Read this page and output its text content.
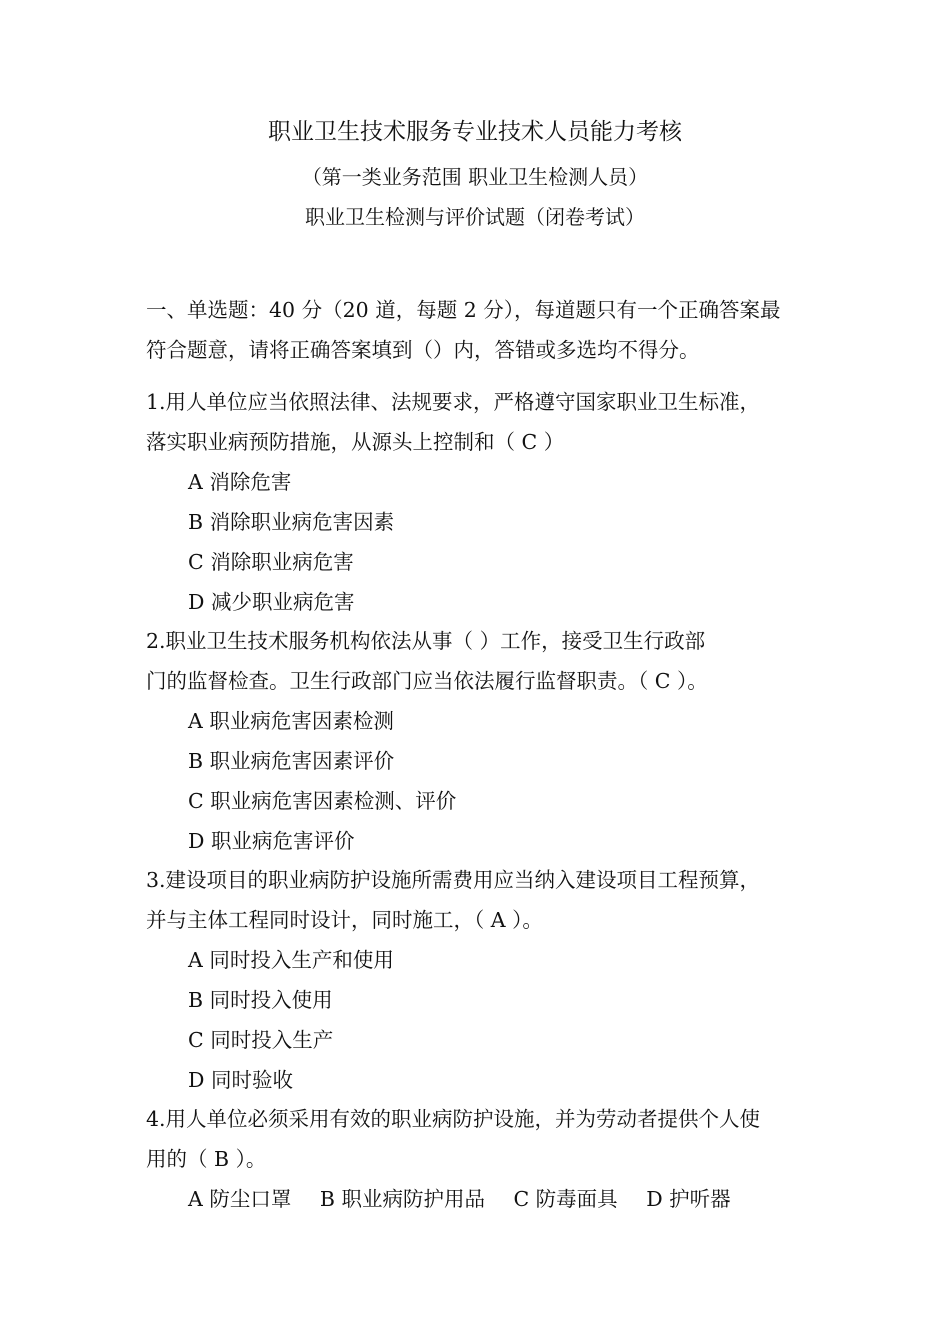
职业卫生技术服务专业技术人员能力考核
（第一类业务范围 职业卫生检测人员）
职业卫生检测与评价试题（闭卷考试）
一、单选题：40 分（20 道，每题 2 分），每道题只有一个正确答案最
符合题意，请将正确答案填到（）内，答错或多选均不得分。
1.用人单位应当依照法律、法规要求，严格遵守国家职业卫生标准，
落实职业病预防措施，从源头上控制和（ C ）
A 消除危害
B 消除职业病危害因素
C 消除职业病危害
D 减少职业病危害
2.职业卫生技术服务机构依法从事（ ）工作，接受卫生行政部
门的监督检查。卫生行政部门应当依法履行监督职责。（ C ）。
A 职业病危害因素检测
B 职业病危害因素评价
C 职业病危害因素检测、评价
D 职业病危害评价
3.建设项目的职业病防护设施所需费用应当纳入建设项目工程预算，
并与主体工程同时设计，同时施工，（ A ）。
A 同时投入生产和使用
B 同时投入使用
C 同时投入生产
D 同时验收
4.用人单位必须采用有效的职业病防护设施，并为劳动者提供个人使
用的（ B ）。
A 防尘口罩 B 职业病防护用品 C 防毒面具 D 护听器
